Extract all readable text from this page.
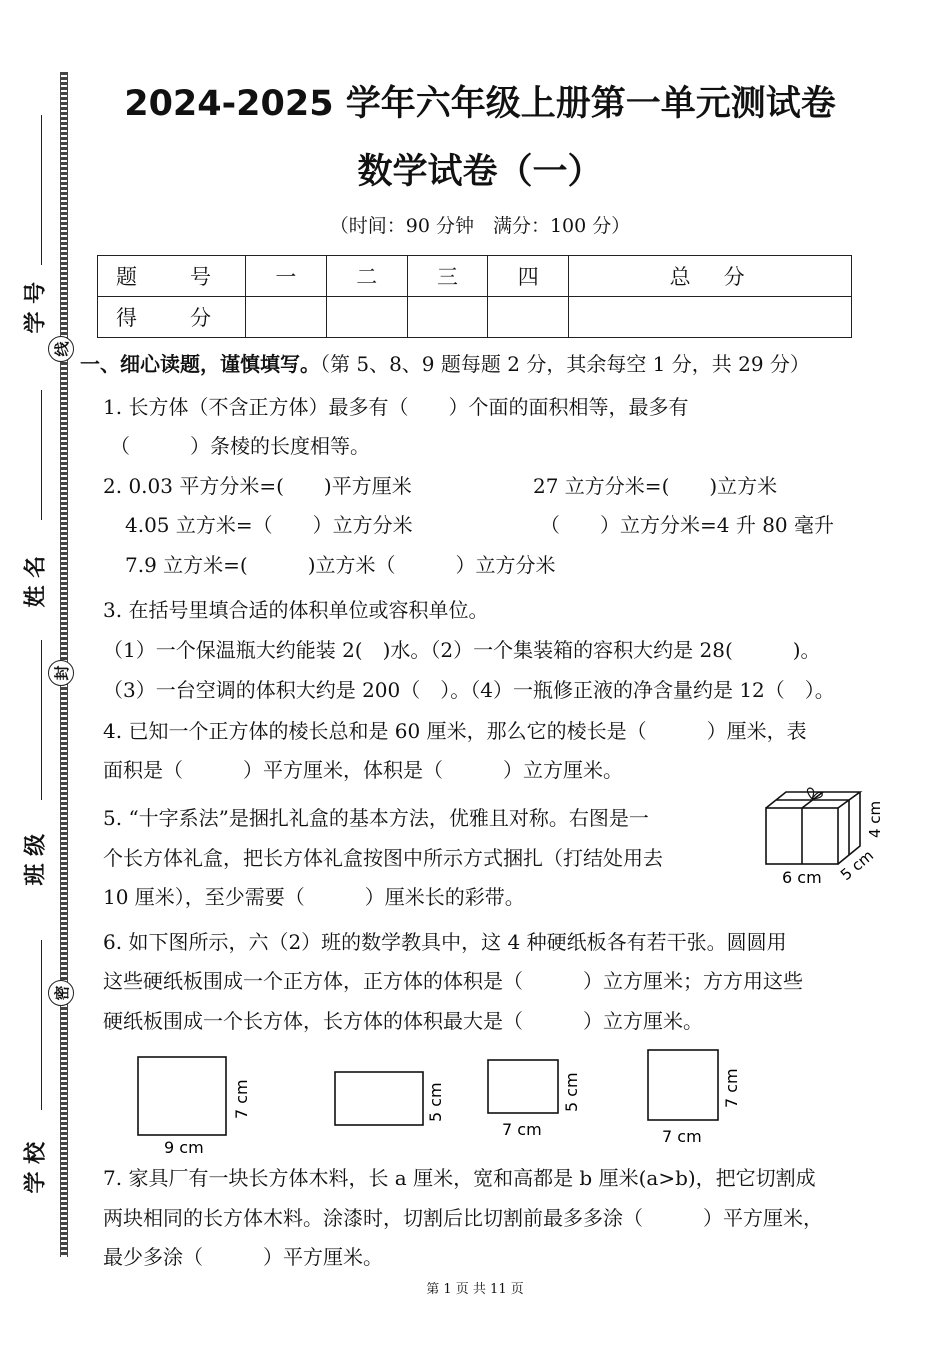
学 号
姓 名
班 级
学 校
线
封
密
2024-2025 学年六年级上册第一单元测试卷
数学试卷（一）
（时间：90 分钟　满分：100 分）
题　号	一	二	三	四	总　分
得　分					
一、细心读题，谨慎填写。（第 5、8、9 题每题 2 分，其余每空 1 分，共 29 分）
1. 长方体（不含正方体）最多有（　　）个面的面积相等，最多有
（　　　）条棱的长度相等。
2. 0.03 平方分米=(　　)平方厘米	27 立方分米=(　　)立方米
4.05 立方米=（　　）立方分米	（　　）立方分米=4 升 80 毫升
7.9 立方米=(　　　)立方米（　　　）立方分米
3. 在括号里填合适的体积单位或容积单位。
（1）一个保温瓶大约能装 2(　)水。（2）一个集装箱的容积大约是 28(　　　)。
（3）一台空调的体积大约是 200（　）。（4）一瓶修正液的净含量约是 12（　）。
4. 已知一个正方体的棱长总和是 60 厘米，那么它的棱长是（　　　）厘米，表
面积是（　　　）平方厘米，体积是（　　　）立方厘米。
5. “十字系法”是捆扎礼盒的基本方法，优雅且对称。右图是一
个长方体礼盒，把长方体礼盒按图中所示方式捆扎（打结处用去
10 厘米），至少需要（　　　）厘米长的彩带。
6 cm 5 cm
4 cm
6. 如下图所示，六（2）班的数学教具中，这 4 种硬纸板各有若干张。圆圆用
这些硬纸板围成一个正方体，正方体的体积是（　　　）立方厘米；方方用这些
硬纸板围成一个长方体，长方体的体积最大是（　　　）立方厘米。
9 cm
7 cm	5 cm
7 cm
5 cm
7 cm
7 cm
7. 家具厂有一块长方体木料，长 a 厘米，宽和高都是 b 厘米(a>b)，把它切割成
两块相同的长方体木料。涂漆时，切割后比切割前最多多涂（　　　）平方厘米，
最少多涂（　　　）平方厘米。
第 1 页 共 11 页
